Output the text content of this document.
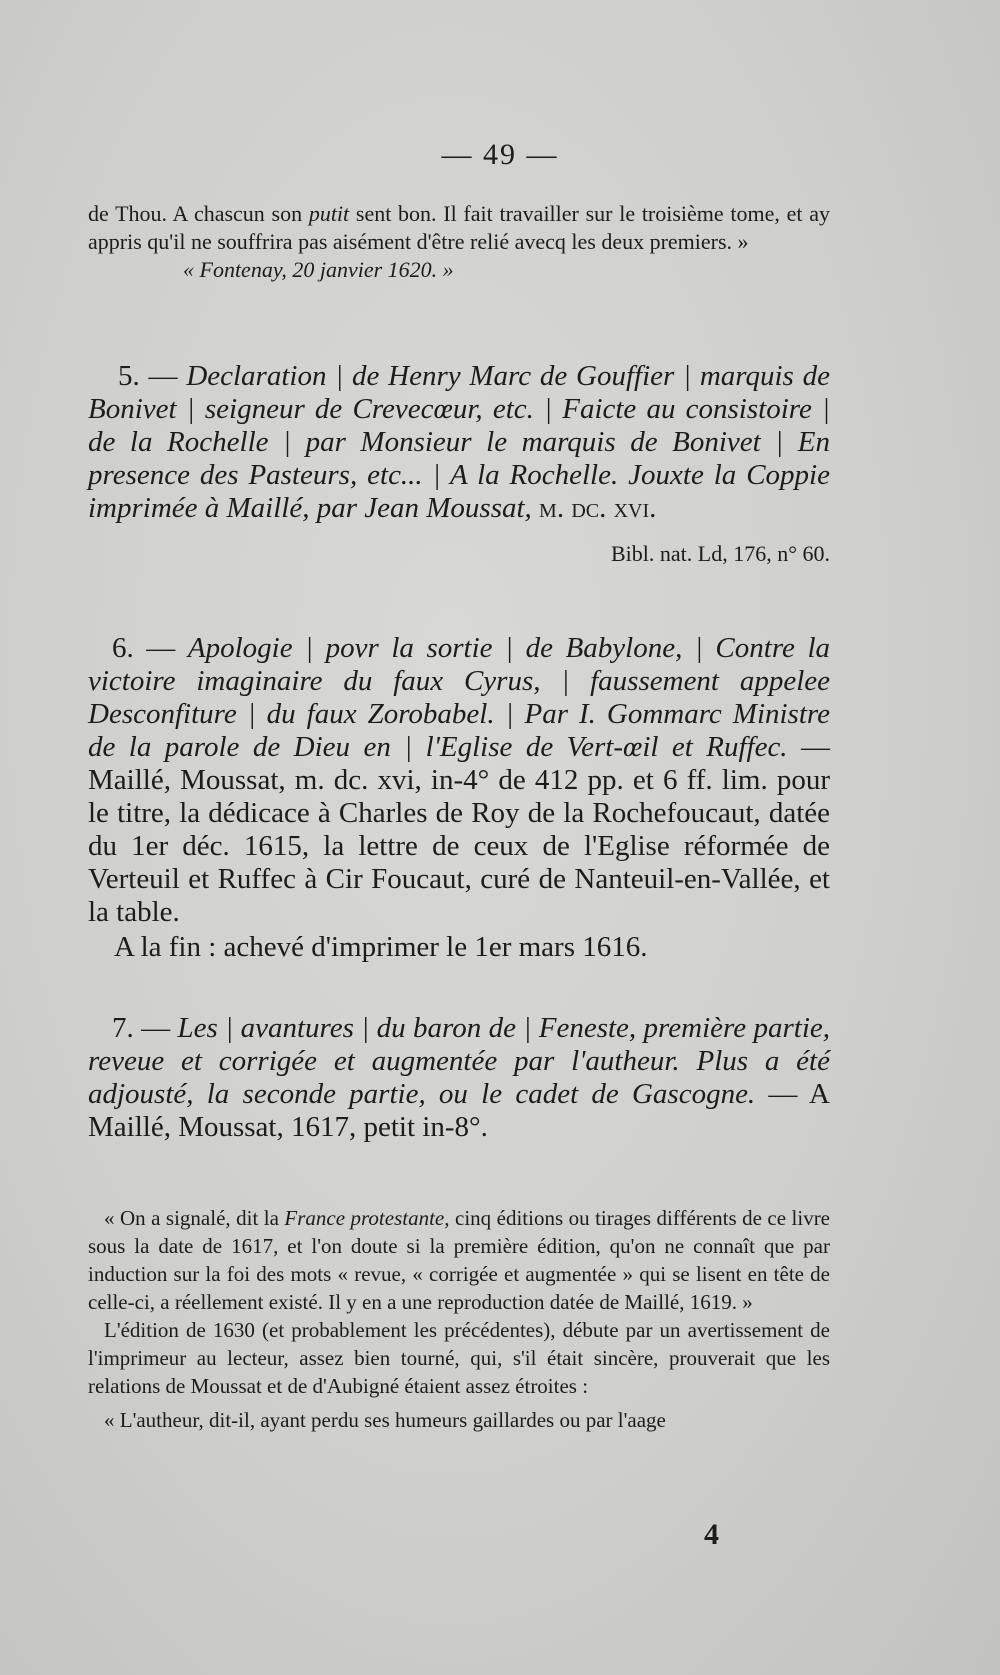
— 49 —

de Thou. A chascun son putit sent bon. Il fait travailler sur le troisième tome, et ay appris qu'il ne souffrira pas aisément d'être relié avecq les deux premiers. »

« Fontenay, 20 janvier 1620. »

5. — Declaration | de Henry Marc de Gouffier | marquis de Bonivet | seigneur de Crevecœur, etc. | Faicte au consistoire | de la Rochelle | par Monsieur le marquis de Bonivet | En presence des Pasteurs, etc... | A la Rochelle. Jouxte la Coppie imprimée à Maillé, par Jean Moussat, m. dc. xvi.

Bibl. nat. Ld, 176, n° 60.

6. — Apologie | povr la sortie | de Babylone, | Contre la victoire imaginaire du faux Cyrus, | faussement appelee Desconfiture | du faux Zorobabel. | Par I. Gommarc Ministre de la parole de Dieu en | l'Eglise de Vert-œil et Ruffec. — Maillé, Moussat, m. dc. xvi, in-4° de 412 pp. et 6 ff. lim. pour le titre, la dédicace à Charles de Roy de la Rochefoucaut, datée du 1er déc. 1615, la lettre de ceux de l'Eglise réformée de Verteuil et Ruffec à Cir Foucaut, curé de Nanteuil-en-Vallée, et la table.

A la fin : achevé d'imprimer le 1er mars 1616.

7. — Les | avantures | du baron de | Feneste, première partie, reveue et corrigée et augmentée par l'autheur. Plus a été adjousté, la seconde partie, ou le cadet de Gascogne. — A Maillé, Moussat, 1617, petit in-8°.

« On a signalé, dit la France protestante, cinq éditions ou tirages différents de ce livre sous la date de 1617, et l'on doute si la première édition, qu'on ne connaît que par induction sur la foi des mots « revue, « corrigée et augmentée » qui se lisent en tête de celle-ci, a réellement existé. Il y en a une reproduction datée de Maillé, 1619. »

L'édition de 1630 (et probablement les précédentes), débute par un avertissement de l'imprimeur au lecteur, assez bien tourné, qui, s'il était sincère, prouverait que les relations de Moussat et de d'Aubigné étaient assez étroites :

« L'autheur, dit-il, ayant perdu ses humeurs gaillardes ou par l'aage

4
